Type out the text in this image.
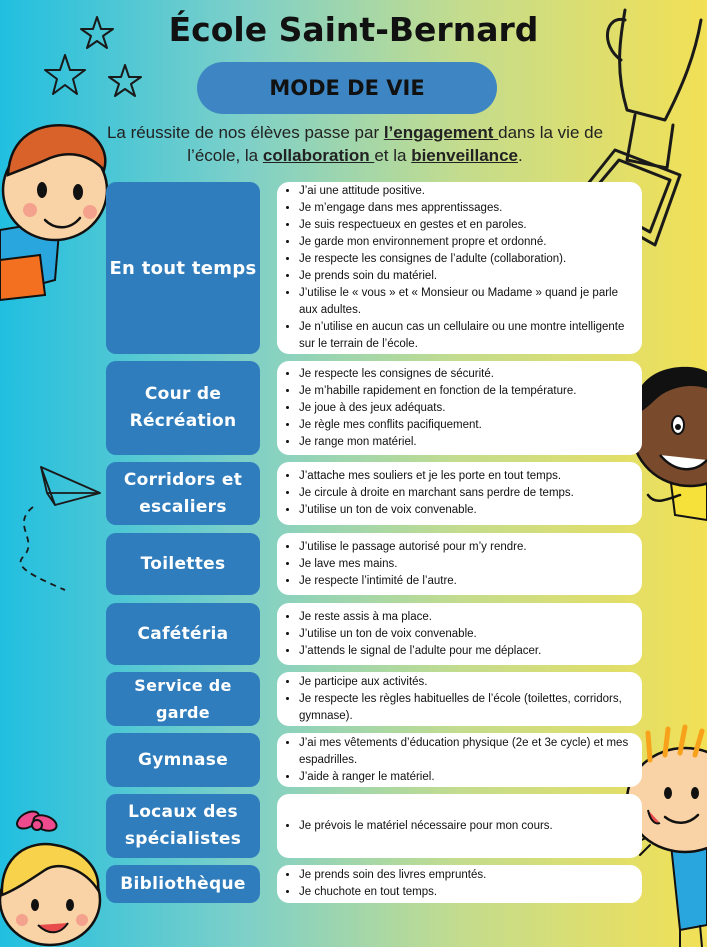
École Saint-Bernard
MODE DE VIE
La réussite de nos élèves passe par l’engagement dans la vie de l’école, la collaboration et la bienveillance.
En tout temps
• J’ai une attitude positive.
• Je m’engage dans mes apprentissages.
• Je suis respectueux en gestes et en paroles.
• Je garde mon environnement propre et ordonné.
• Je respecte les consignes de l’adulte (collaboration).
• Je prends soin du matériel.
• J’utilise le « vous » et « Monsieur ou Madame » quand je parle aux adultes.
• Je n’utilise en aucun cas un cellulaire ou une montre intelligente sur le terrain de l’école.
Cour de Récréation
• Je respecte les consignes de sécurité.
• Je m’habille rapidement en fonction de la température.
• Je joue à des jeux adéquats.
• Je règle mes conflits pacifiquement.
• Je range mon matériel.
Corridors et escaliers
• J’attache mes souliers et je les porte en tout temps.
• Je circule à droite en marchant sans perdre de temps.
• J’utilise un ton de voix convenable.
Toilettes
• J’utilise le passage autorisé pour m’y rendre.
• Je lave mes mains.
• Je respecte l’intimité de l’autre.
Cafétéria
• Je reste assis à ma place.
• J’utilise un ton de voix convenable.
• J’attends le signal de l’adulte pour me déplacer.
Service de garde
• Je participe aux activités.
• Je respecte les règles habituelles de l’école (toilettes, corridors, gymnase).
Gymnase
• J’ai mes vêtements d’éducation physique (2e et 3e cycle) et mes espadrilles.
• J’aide à ranger le matériel.
Locaux des spécialistes
• Je prévois le matériel nécessaire pour mon cours.
Bibliothèque
•	Je prends soin des livres empruntés.
• Je chuchote en tout temps.
